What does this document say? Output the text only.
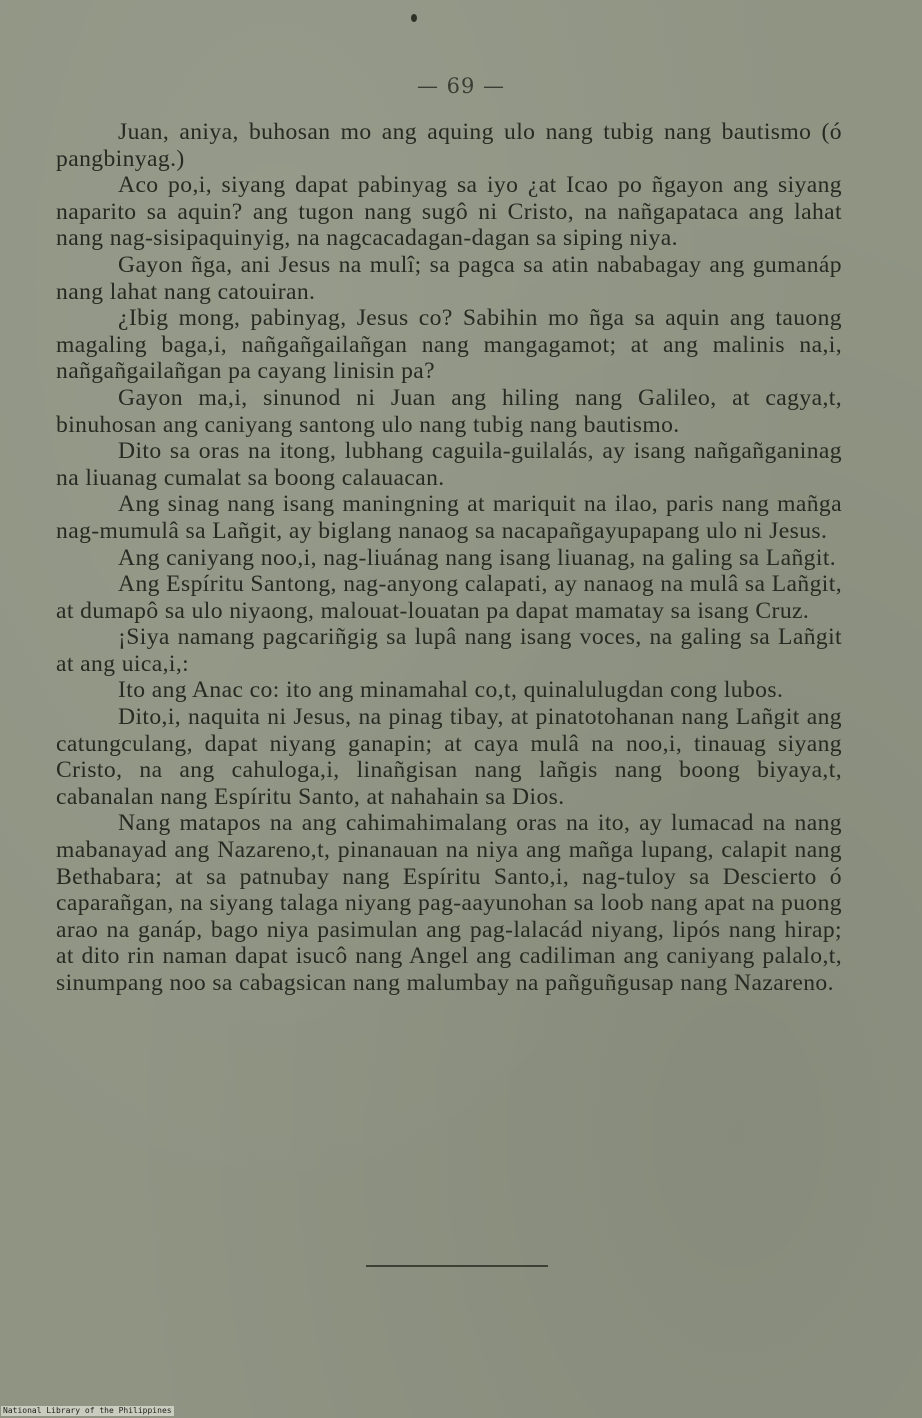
— 69 —

Juan, aniya, buhosan mo ang aquing ulo nang tubig nang bautismo (ó pangbinyag.)

Aco po,i, siyang dapat pabinyag sa iyo ¿at Icao po ñgayon ang siyang naparito sa aquin? ang tugon nang sugô ni Cristo, na nañgapataca ang lahat nang nag-sisipaquinyig, na nagcacadagan-dagan sa siping niya.

Gayon ñga, ani Jesus na mulî; sa pagca sa atin nababagay ang gumanáp nang lahat nang catouiran.

¿Ibig mong, pabinyag, Jesus co? Sabihin mo ñga sa aquin ang tauong magaling baga,i, nañgañgailañgan nang mangagamot; at ang malinis na,i, nañgañgailañgan pa cayang linisin pa?

Gayon ma,i, sinunod ni Juan ang hiling nang Galileo, at cagya,t, binuhosan ang caniyang santong ulo nang tubig nang bautismo.

Dito sa oras na itong, lubhang caguila-guilalás, ay isang nañgañganinag na liuanag cumalat sa boong calauacan.

Ang sinag nang isang maningning at mariquit na ilao, paris nang mañga nag-mumulâ sa Lañgit, ay biglang nanaog sa nacapañgayupapang ulo ni Jesus.

Ang caniyang noo,i, nag-liuánag nang isang liuanag, na galing sa Lañgit.

Ang Espíritu Santong, nag-anyong calapati, ay nanaog na mulâ sa Lañgit, at dumapô sa ulo niyaong, malouat-louatan pa dapat mamatay sa isang Cruz.

¡Siya namang pagcariñgig sa lupâ nang isang voces, na galing sa Lañgit at ang uica,i,:

Ito ang Anac co: ito ang minamahal co,t, quinalulugdan cong lubos.

Dito,i, naquita ni Jesus, na pinag tibay, at pinatotohanan nang Lañgit ang catungculang, dapat niyang ganapin; at caya mulâ na noo,i, tinauag siyang Cristo, na ang cahuloga,i, linañgisan nang lañgis nang boong biyaya,t, cabanalan nang Espíritu Santo, at nahahain sa Dios.

Nang matapos na ang cahimahimalang oras na ito, ay lumacad na nang mabanayad ang Nazareno,t, pinanauan na niya ang mañga lupang, calapit nang Bethabara; at sa patnubay nang Espíritu Santo,i, nag-tuloy sa Descierto ó caparañgan, na siyang talaga niyang pag-aayunohan sa loob nang apat na puong arao na ganáp, bago niya pasimulan ang pag-lalacád niyang, lipós nang hirap; at dito rin naman dapat isucô nang Angel ang cadiliman ang caniyang palalo,t, sinumpang noo sa cabagsican nang malumbay na pañguñgusap nang Nazareno.

National Library of the Philippines
